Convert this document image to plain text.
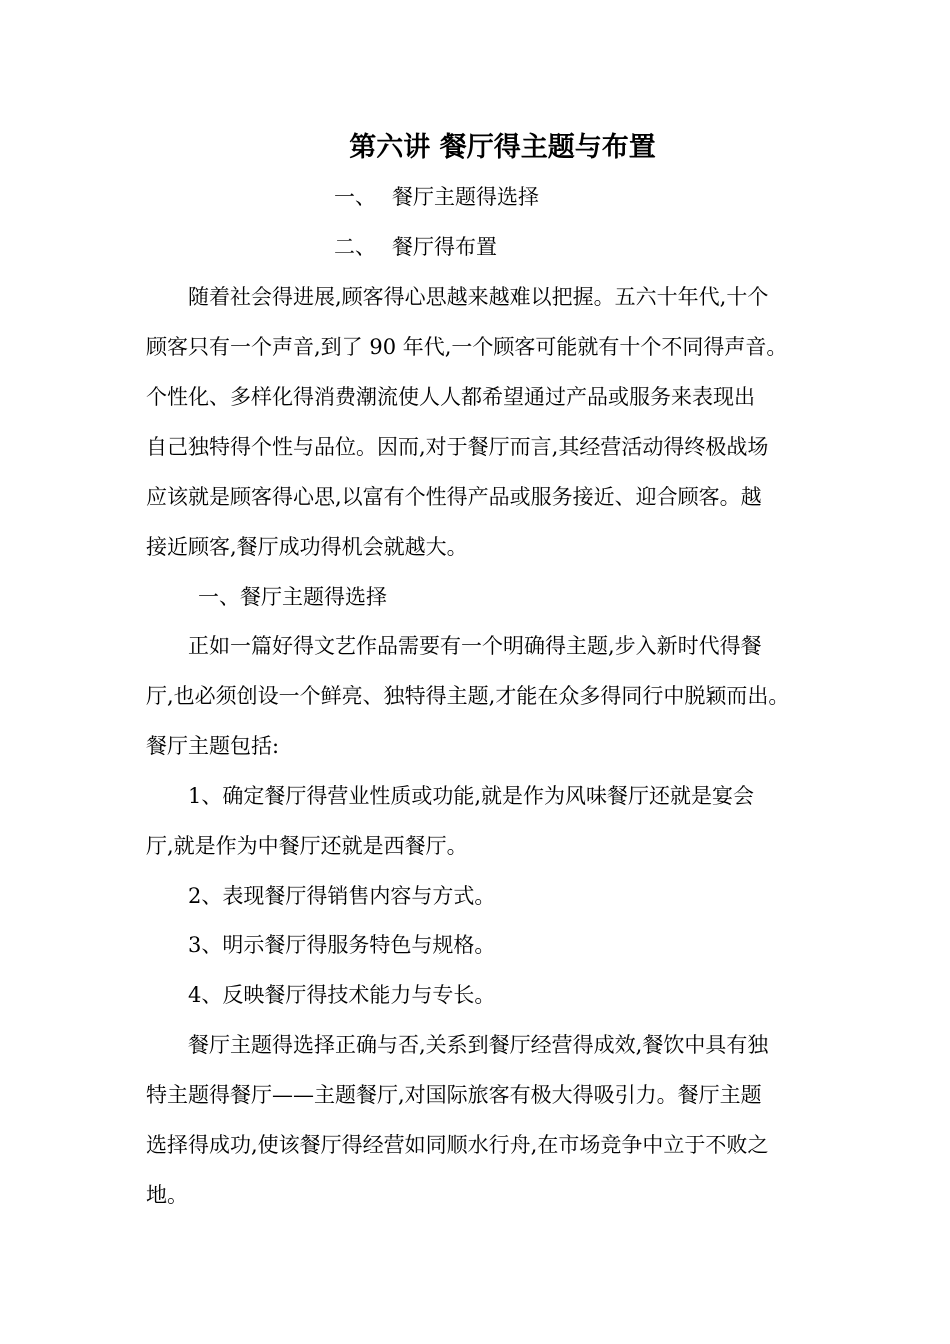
第六讲 餐厅得主题与布置
一、 餐厅主题得选择
二、 餐厅得布置
随着社会得进展,顾客得心思越来越难以把握。五六十年代,十个
顾客只有一个声音,到了 90 年代,一个顾客可能就有十个不同得声音。
个性化、多样化得消费潮流使人人都希望通过产品或服务来表现出
自己独特得个性与品位。因而,对于餐厅而言,其经营活动得终极战场
应该就是顾客得心思,以富有个性得产品或服务接近、迎合顾客。越
接近顾客,餐厅成功得机会就越大。
一、餐厅主题得选择
正如一篇好得文艺作品需要有一个明确得主题,步入新时代得餐
厅,也必须创设一个鲜亮、独特得主题,才能在众多得同行中脱颖而出。
餐厅主题包括:
1、确定餐厅得营业性质或功能,就是作为风味餐厅还就是宴会
厅,就是作为中餐厅还就是西餐厅。
2、表现餐厅得销售内容与方式。
3、明示餐厅得服务特色与规格。
4、反映餐厅得技术能力与专长。
餐厅主题得选择正确与否,关系到餐厅经营得成效,餐饮中具有独
特主题得餐厅——主题餐厅,对国际旅客有极大得吸引力。餐厅主题
选择得成功,使该餐厅得经营如同顺水行舟,在市场竞争中立于不败之
地。
